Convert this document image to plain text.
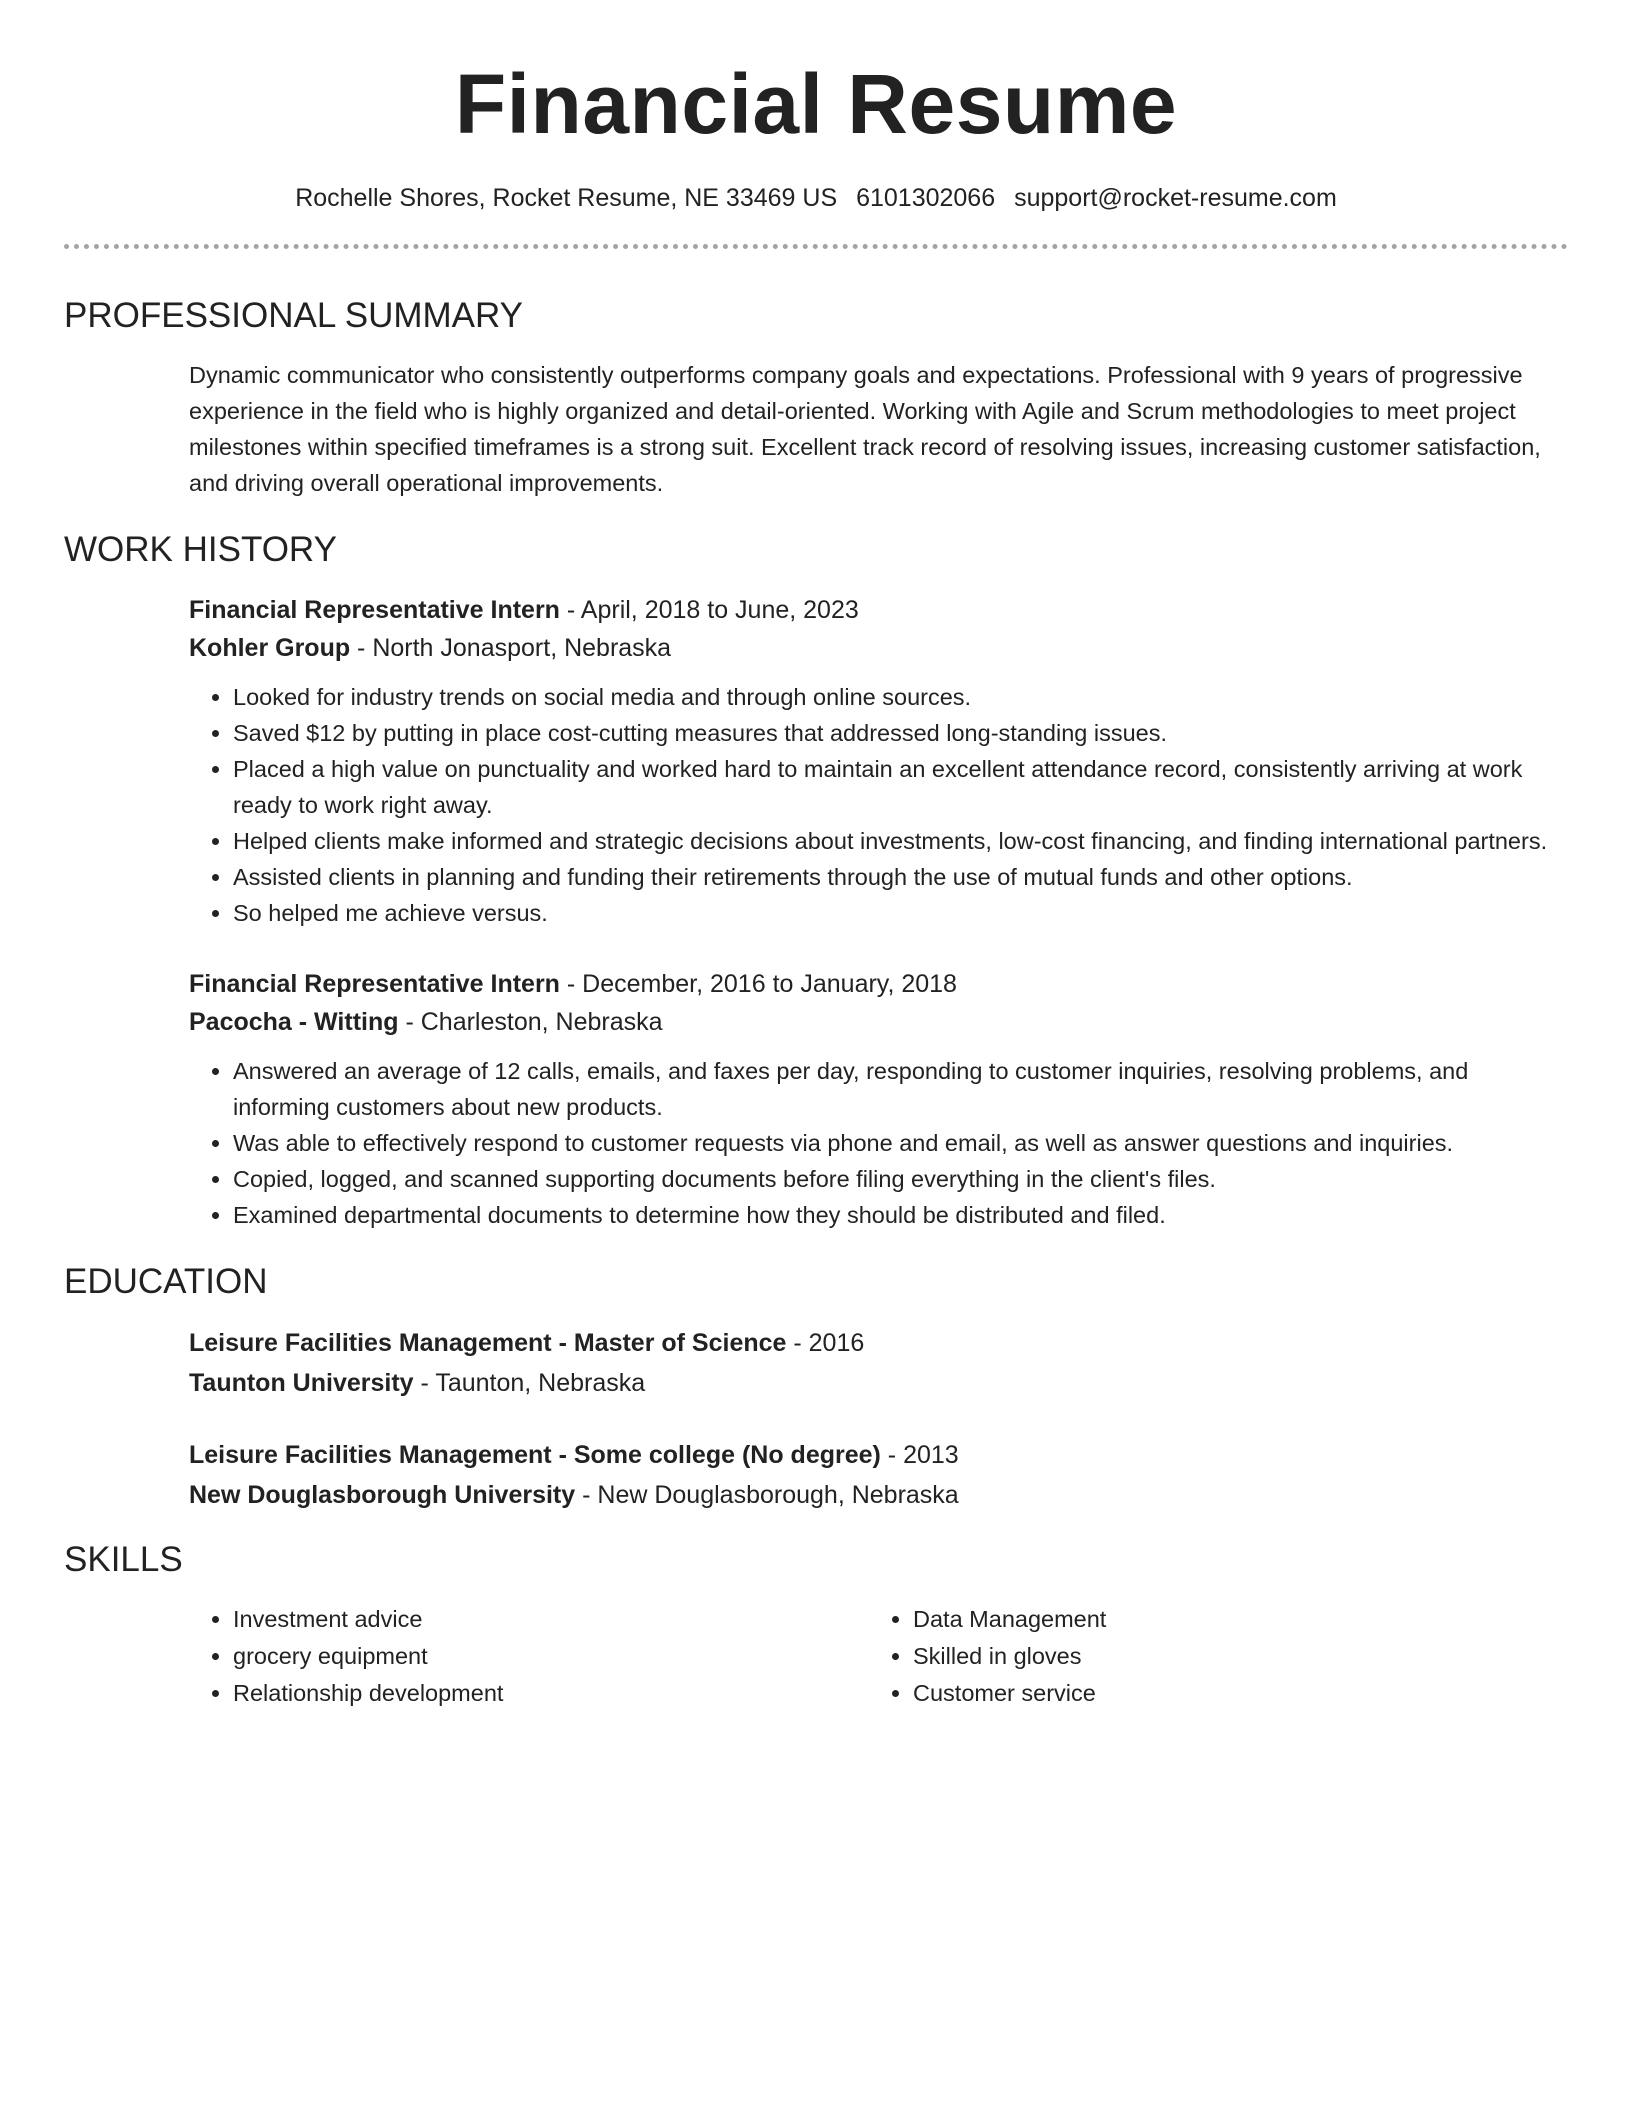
Financial Resume
Rochelle Shores, Rocket Resume, NE 33469 US 6101302066 support@rocket-resume.com
PROFESSIONAL SUMMARY

Dynamic communicator who consistently outperforms company goals and expectations. Professional with 9 years of progressive experience in the field who is highly organized and detail-oriented. Working with Agile and Scrum methodologies to meet project milestones within specified timeframes is a strong suit. Excellent track record of resolving issues, increasing customer satisfaction, and driving overall operational improvements.

WORK HISTORY
Financial Representative Intern - April, 2018 to June, 2023
Kohler Group - North Jonasport, Nebraska
• Looked for industry trends on social media and through online sources.
• Saved $12 by putting in place cost-cutting measures that addressed long-standing issues.
• Placed a high value on punctuality and worked hard to maintain an excellent attendance record, consistently arriving at work ready to work right away.
• Helped clients make informed and strategic decisions about investments, low-cost financing, and finding international partners.
• Assisted clients in planning and funding their retirements through the use of mutual funds and other options.
• So helped me achieve versus.
Financial Representative Intern - December, 2016 to January, 2018
Pacocha - Witting - Charleston, Nebraska
• Answered an average of 12 calls, emails, and faxes per day, responding to customer inquiries, resolving problems, and informing customers about new products.
• Was able to effectively respond to customer requests via phone and email, as well as answer questions and inquiries.
• Copied, logged, and scanned supporting documents before filing everything in the client's files.
• Examined departmental documents to determine how they should be distributed and filed.
EDUCATION
Leisure Facilities Management - Master of Science - 2016
Taunton University - Taunton, Nebraska
Leisure Facilities Management - Some college (No degree) - 2013
New Douglasborough University - New Douglasborough, Nebraska
SKILLS
• Investment advice
• grocery equipment
• Relationship development
• Data Management
• Skilled in gloves
• Customer service
